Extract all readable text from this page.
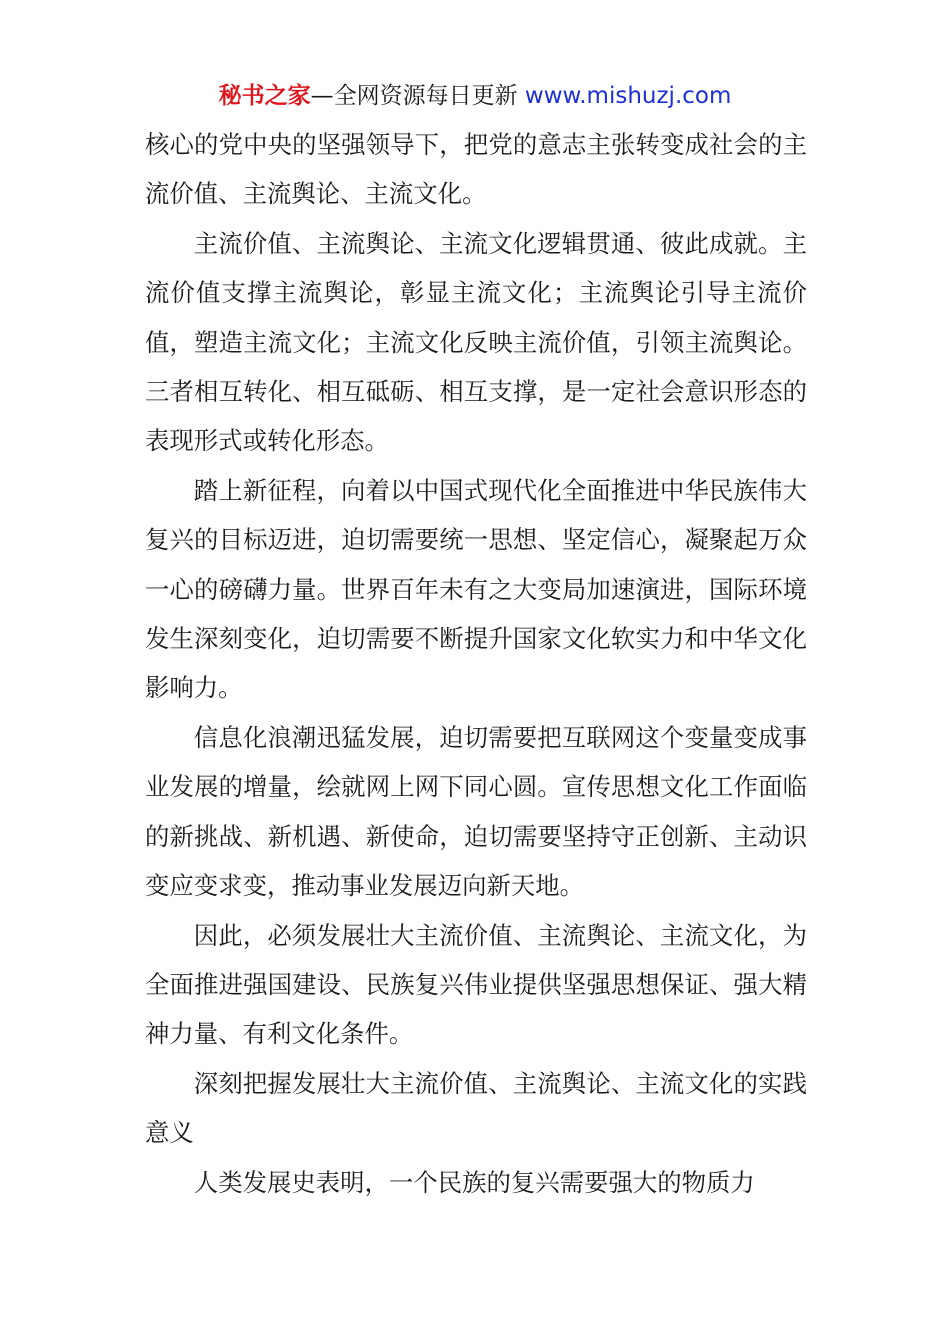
秘书之家—全网资源每日更新 www.mishuzj.com

核心的党中央的坚强领导下，把党的意志主张转变成社会的主流价值、主流舆论、主流文化。

主流价值、主流舆论、主流文化逻辑贯通、彼此成就。主流价值支撑主流舆论，彰显主流文化；主流舆论引导主流价值，塑造主流文化；主流文化反映主流价值，引领主流舆论。三者相互转化、相互砥砺、相互支撑，是一定社会意识形态的表现形式或转化形态。

踏上新征程，向着以中国式现代化全面推进中华民族伟大复兴的目标迈进，迫切需要统一思想、坚定信心，凝聚起万众一心的磅礴力量。世界百年未有之大变局加速演进，国际环境发生深刻变化，迫切需要不断提升国家文化软实力和中华文化影响力。

信息化浪潮迅猛发展，迫切需要把互联网这个变量变成事业发展的增量，绘就网上网下同心圆。宣传思想文化工作面临的新挑战、新机遇、新使命，迫切需要坚持守正创新、主动识变应变求变，推动事业发展迈向新天地。

因此，必须发展壮大主流价值、主流舆论、主流文化，为全面推进强国建设、民族复兴伟业提供坚强思想保证、强大精神力量、有利文化条件。

深刻把握发展壮大主流价值、主流舆论、主流文化的实践意义

人类发展史表明，一个民族的复兴需要强大的物质力
